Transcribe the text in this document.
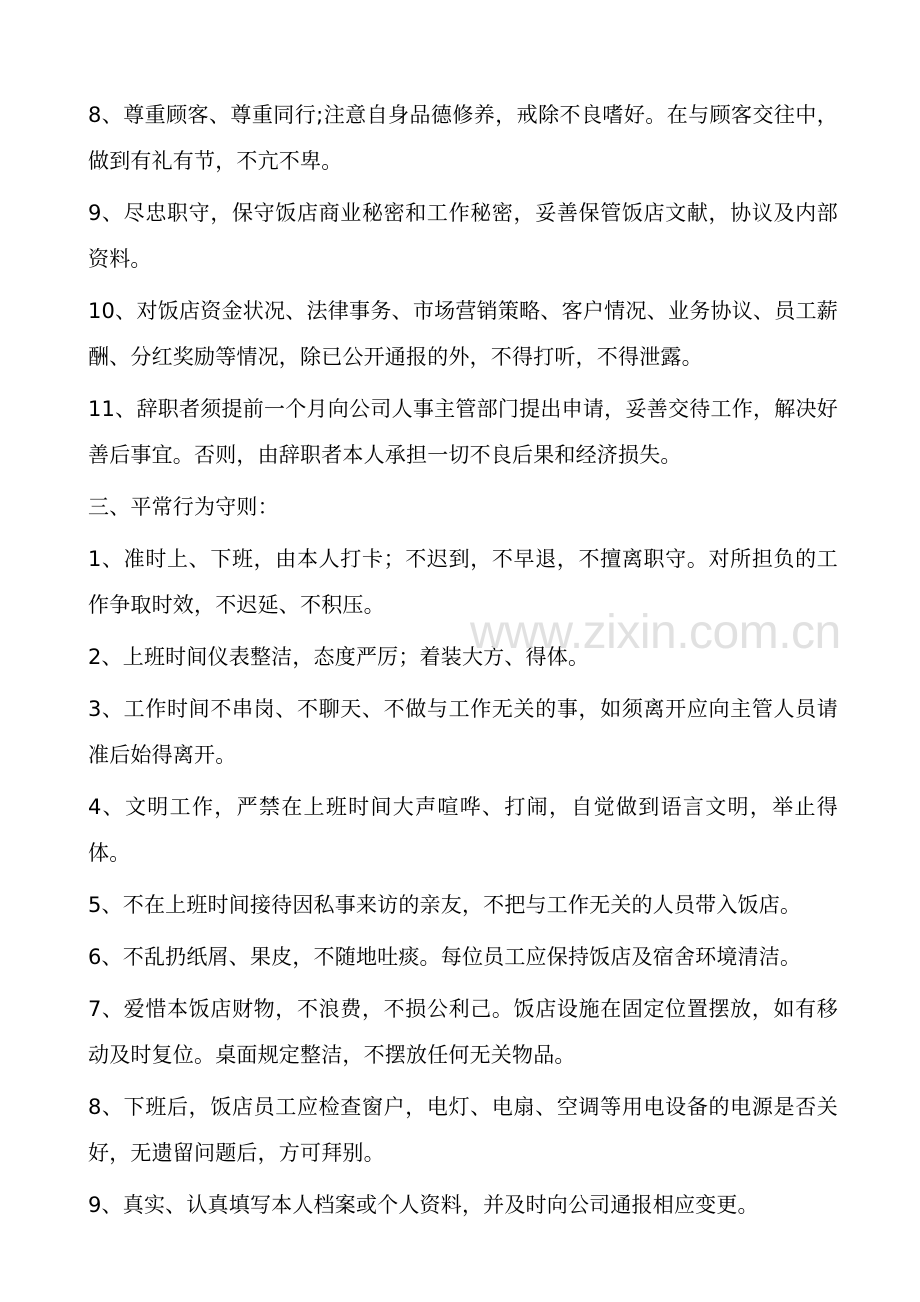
8、尊重顾客、尊重同行;注意自身品德修养，戒除不良嗜好。在与顾客交往中，做到有礼有节，不亢不卑。

9、尽忠职守，保守饭店商业秘密和工作秘密，妥善保管饭店文献，协议及内部资料。

10、对饭店资金状况、法律事务、市场营销策略、客户情况、业务协议、员工薪酬、分红奖励等情况，除已公开通报的外，不得打听，不得泄露。

11、辞职者须提前一个月向公司人事主管部门提出申请，妥善交待工作，解决好善后事宜。否则，由辞职者本人承担一切不良后果和经济损失。

三、平常行为守则：

1、准时上、下班，由本人打卡；不迟到，不早退，不擅离职守。对所担负的工作争取时效，不迟延、不积压。

2、上班时间仪表整洁，态度严厉；着装大方、得体。

3、工作时间不串岗、不聊天、不做与工作无关的事，如须离开应向主管人员请准后始得离开。

4、文明工作，严禁在上班时间大声喧哗、打闹，自觉做到语言文明，举止得体。

5、不在上班时间接待因私事来访的亲友，不把与工作无关的人员带入饭店。

6、不乱扔纸屑、果皮，不随地吐痰。每位员工应保持饭店及宿舍环境清洁。

7、爱惜本饭店财物，不浪费，不损公利己。饭店设施在固定位置摆放，如有移动及时复位。桌面规定整洁，不摆放任何无关物品。

8、下班后，饭店员工应检查窗户，电灯、电扇、空调等用电设备的电源是否关好，无遗留问题后，方可拜别。

9、真实、认真填写本人档案或个人资料，并及时向公司通报相应变更。

www.zixin.com.cn
